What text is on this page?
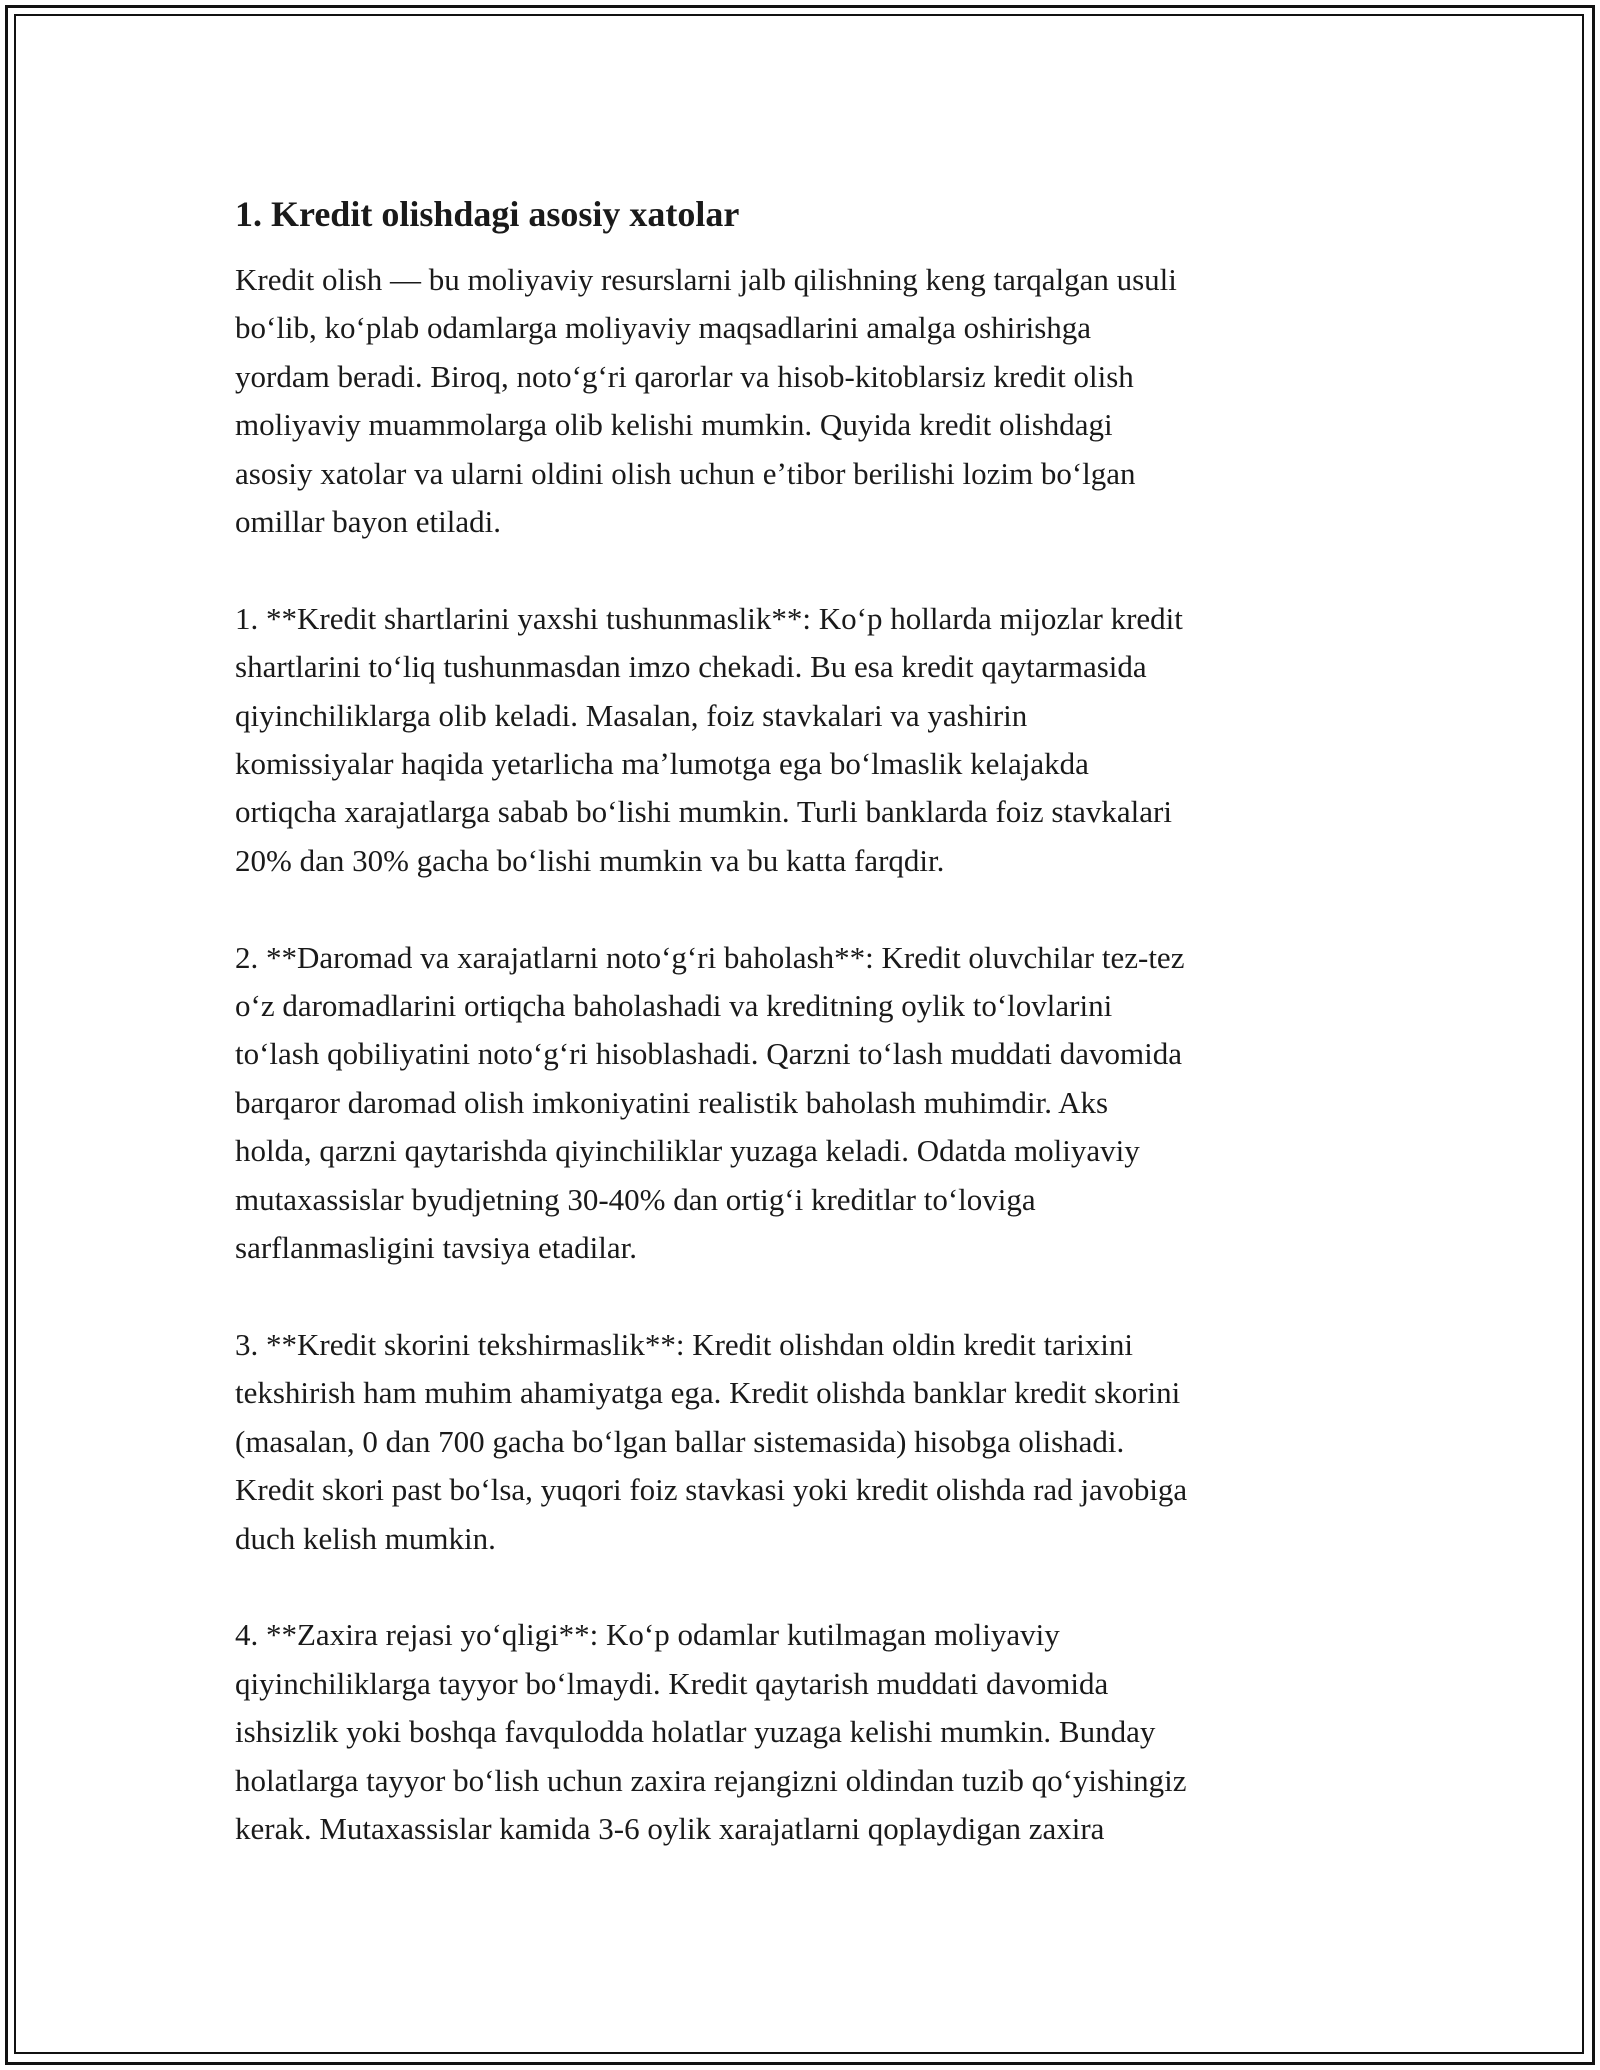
1. Kredit olishdagi asosiy xatolar

Kredit olish — bu moliyaviy resurslarni jalb qilishning keng tarqalgan usuli
boʻlib, koʻplab odamlarga moliyaviy maqsadlarini amalga oshirishga
yordam beradi. Biroq, notoʻgʻri qarorlar va hisob-kitoblarsiz kredit olish
moliyaviy muammolarga olib kelishi mumkin. Quyida kredit olishdagi
asosiy xatolar va ularni oldini olish uchun eʼtibor berilishi lozim boʻlgan
omillar bayon etiladi.

1. **Kredit shartlarini yaxshi tushunmaslik**: Koʻp hollarda mijozlar kredit
shartlarini toʻliq tushunmasdan imzo chekadi. Bu esa kredit qaytarmasida
qiyinchiliklarga olib keladi. Masalan, foiz stavkalari va yashirin
komissiyalar haqida yetarlicha maʼlumotga ega boʻlmaslik kelajakda
ortiqcha xarajatlarga sabab boʻlishi mumkin. Turli banklarda foiz stavkalari
20% dan 30% gacha boʻlishi mumkin va bu katta farqdir.

2. **Daromad va xarajatlarni notoʻgʻri baholash**: Kredit oluvchilar tez-tez
oʻz daromadlarini ortiqcha baholashadi va kreditning oylik toʻlovlarini
toʻlash qobiliyatini notoʻgʻri hisoblashadi. Qarzni toʻlash muddati davomida
barqaror daromad olish imkoniyatini realistik baholash muhimdir. Aks
holda, qarzni qaytarishda qiyinchiliklar yuzaga keladi. Odatda moliyaviy
mutaxassislar byudjetning 30-40% dan ortigʻi kreditlar toʻloviga
sarflanmasligini tavsiya etadilar.

3. **Kredit skorini tekshirmaslik**: Kredit olishdan oldin kredit tarixini
tekshirish ham muhim ahamiyatga ega. Kredit olishda banklar kredit skorini
(masalan, 0 dan 700 gacha boʻlgan ballar sistemasida) hisobga olishadi.
Kredit skori past boʻlsa, yuqori foiz stavkasi yoki kredit olishda rad javobiga
duch kelish mumkin.

4. **Zaxira rejasi yoʻqligi**: Koʻp odamlar kutilmagan moliyaviy
qiyinchiliklarga tayyor boʻlmaydi. Kredit qaytarish muddati davomida
ishsizlik yoki boshqa favqulodda holatlar yuzaga kelishi mumkin. Bunday
holatlarga tayyor boʻlish uchun zaxira rejangizni oldindan tuzib qoʻyishingiz
kerak. Mutaxassislar kamida 3-6 oylik xarajatlarni qoplaydigan zaxira
